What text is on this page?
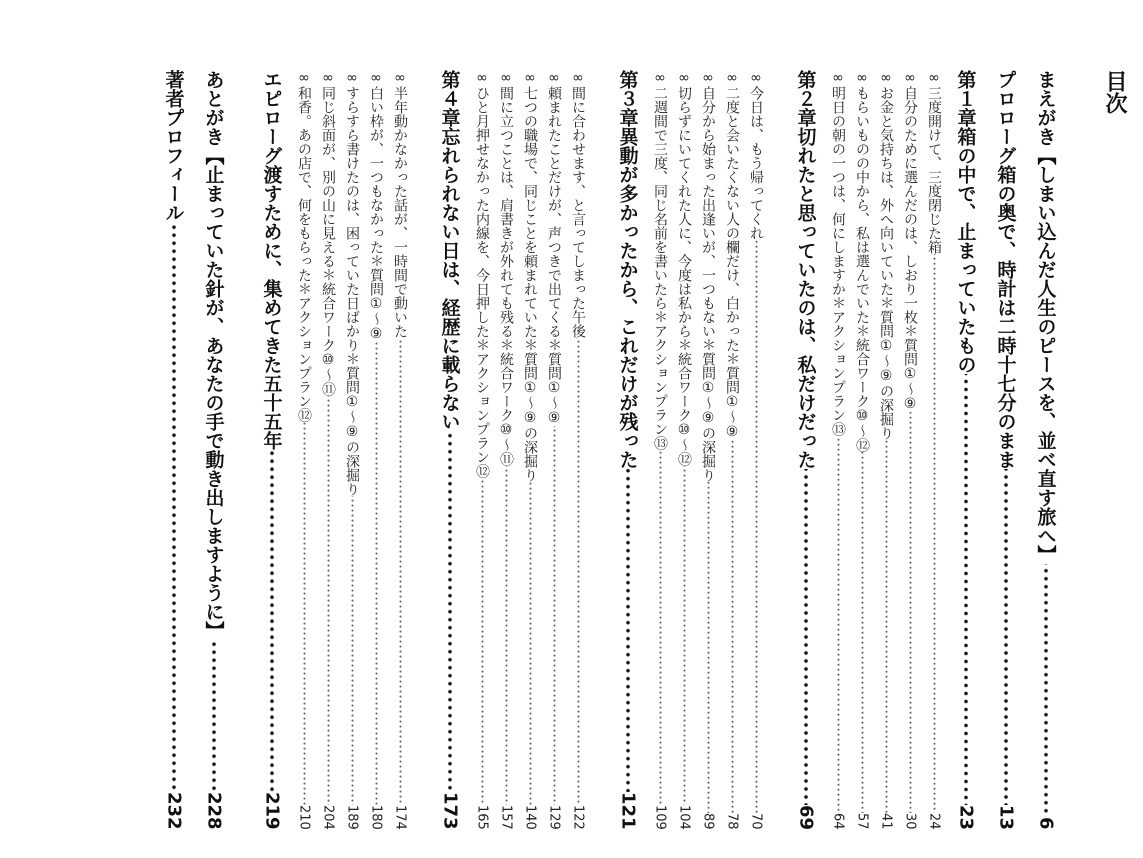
目次
まえがき【しまい込んだ人生のピースを、並べ直す旅へ】
6
プロローグ箱の奥で、時計は二時十七分のまま
13
第１章箱の中で、止まっていたもの
23
∞三度開けて、三度閉じた箱
24
∞自分のために選んだのは、しおり一枚＊質問①～⑨
30
∞お金と気持ちは、外へ向いていた＊質問①～⑨の深掘り
41
∞もらいものの中から、私は選んでいた＊統合ワーク⑩～⑫
57
∞明日の朝の一つは、何にしますか＊アクションプラン⑬
64
第２章切れたと思っていたのは、私だけだった
69
∞今日は、もう帰ってくれ
70
∞二度と会いたくない人の欄だけ、白かった＊質問①～⑨
78
∞自分から始まった出逢いが、一つもない＊質問①～⑨の深掘り
89
∞切らずにいてくれた人に、今度は私から＊統合ワーク⑩～⑫
104
∞二週間で三度、同じ名前を書いたら＊アクションプラン⑬
109
第３章異動が多かったから、これだけが残った
121
∞間に合わせます、と言ってしまった午後
122
∞頼まれたことだけが、声つきで出てくる＊質問①～⑨
129
∞七つの職場で、同じことを頼まれていた＊質問①～⑨の深掘り
140
∞間に立つことは、肩書きが外れても残る＊統合ワーク⑩～⑪
157
∞ひと月押せなかった内線を、今日押した＊アクションプラン⑫
165
第４章忘れられない日は、経歴に載らない
173
∞半年動かなかった話が、一時間で動いた
174
∞白い枠が、一つもなかった＊質問①～⑨
180
∞すらすら書けたのは、困っていた日ばかり＊質問①～⑨の深掘り
189
∞同じ斜面が、別の山に見える＊統合ワーク⑩～⑪
204
∞和香。あの店で、何をもらった＊アクションプラン⑫
210
エピローグ渡すために、集めてきた五十五年
219
あとがき【止まっていた針が、あなたの手で動き出しますように】
228
著者プロフィール
232
